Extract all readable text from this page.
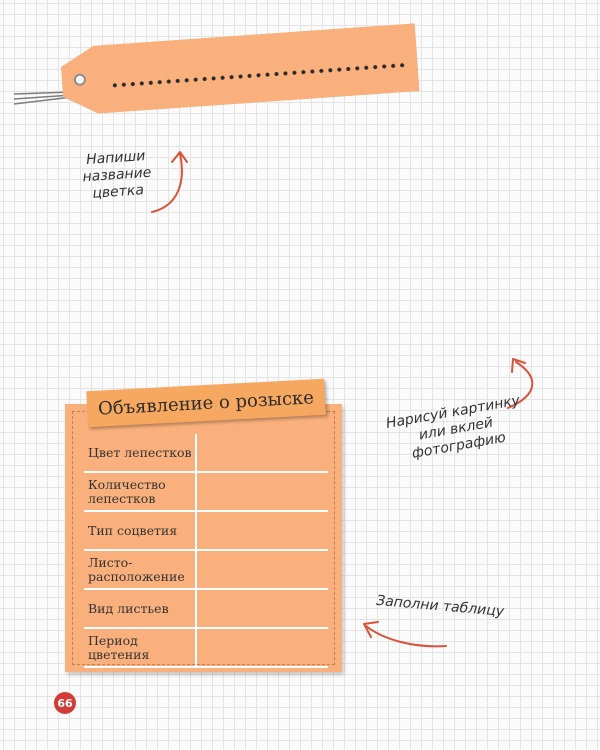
Напиши название цветка
Нарисуй картинку или вклей фотографию
Заполни таблицу
Цвет лепестков
Количество лепестков
Тип соцветия
Листо-расположение
Вид листьев
Период цветения
Объявление о розыске
66
